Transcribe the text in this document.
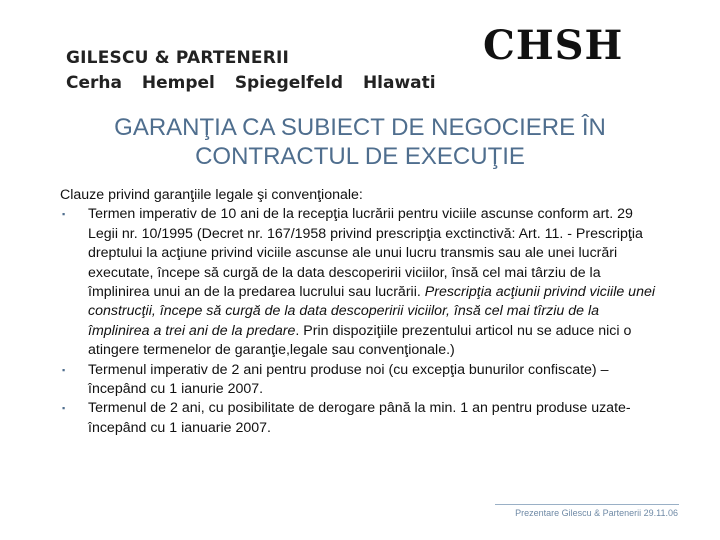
GILESCU & PARTENERII
Cerha Hempel Spiegelfeld Hlawati
CHSH
GARANŢIA CA SUBIECT DE NEGOCIERE ÎN CONTRACTUL DE EXECUŢIE
Clauze privind garanţiile legale şi convenţionale:
▪ Termen imperativ de 10 ani de la recepţia lucrării pentru viciile ascunse conform art. 29 Legii nr. 10/1995 (Decret nr. 167/1958 privind prescripţia exctinctivă: Art. 11. - Prescripţia dreptului la acţiune privind viciile ascunse ale unui lucru transmis sau ale unei lucrări executate, începe să curgă de la data descoperirii viciilor, însă cel mai târziu de la împlinirea unui an de la predarea lucrului sau lucrării. Prescripţia acţiunii privind viciile unei construcţii, începe să curgă de la data descoperirii viciilor, însă cel mai tîrziu de la împlinirea a trei ani de la predare. Prin dispoziţiile prezentului articol nu se aduce nici o atingere termenelor de garanţie,legale sau convenţionale.)
▪ Termenul imperativ de 2 ani pentru produse noi (cu excepţia bunurilor confiscate) – începând cu 1 ianurie 2007.
▪ Termenul de 2 ani, cu posibilitate de derogare până la min. 1 an pentru produse uzate- începând cu 1 ianuarie 2007.
Prezentare Gilescu & Partenerii 29.11.06
